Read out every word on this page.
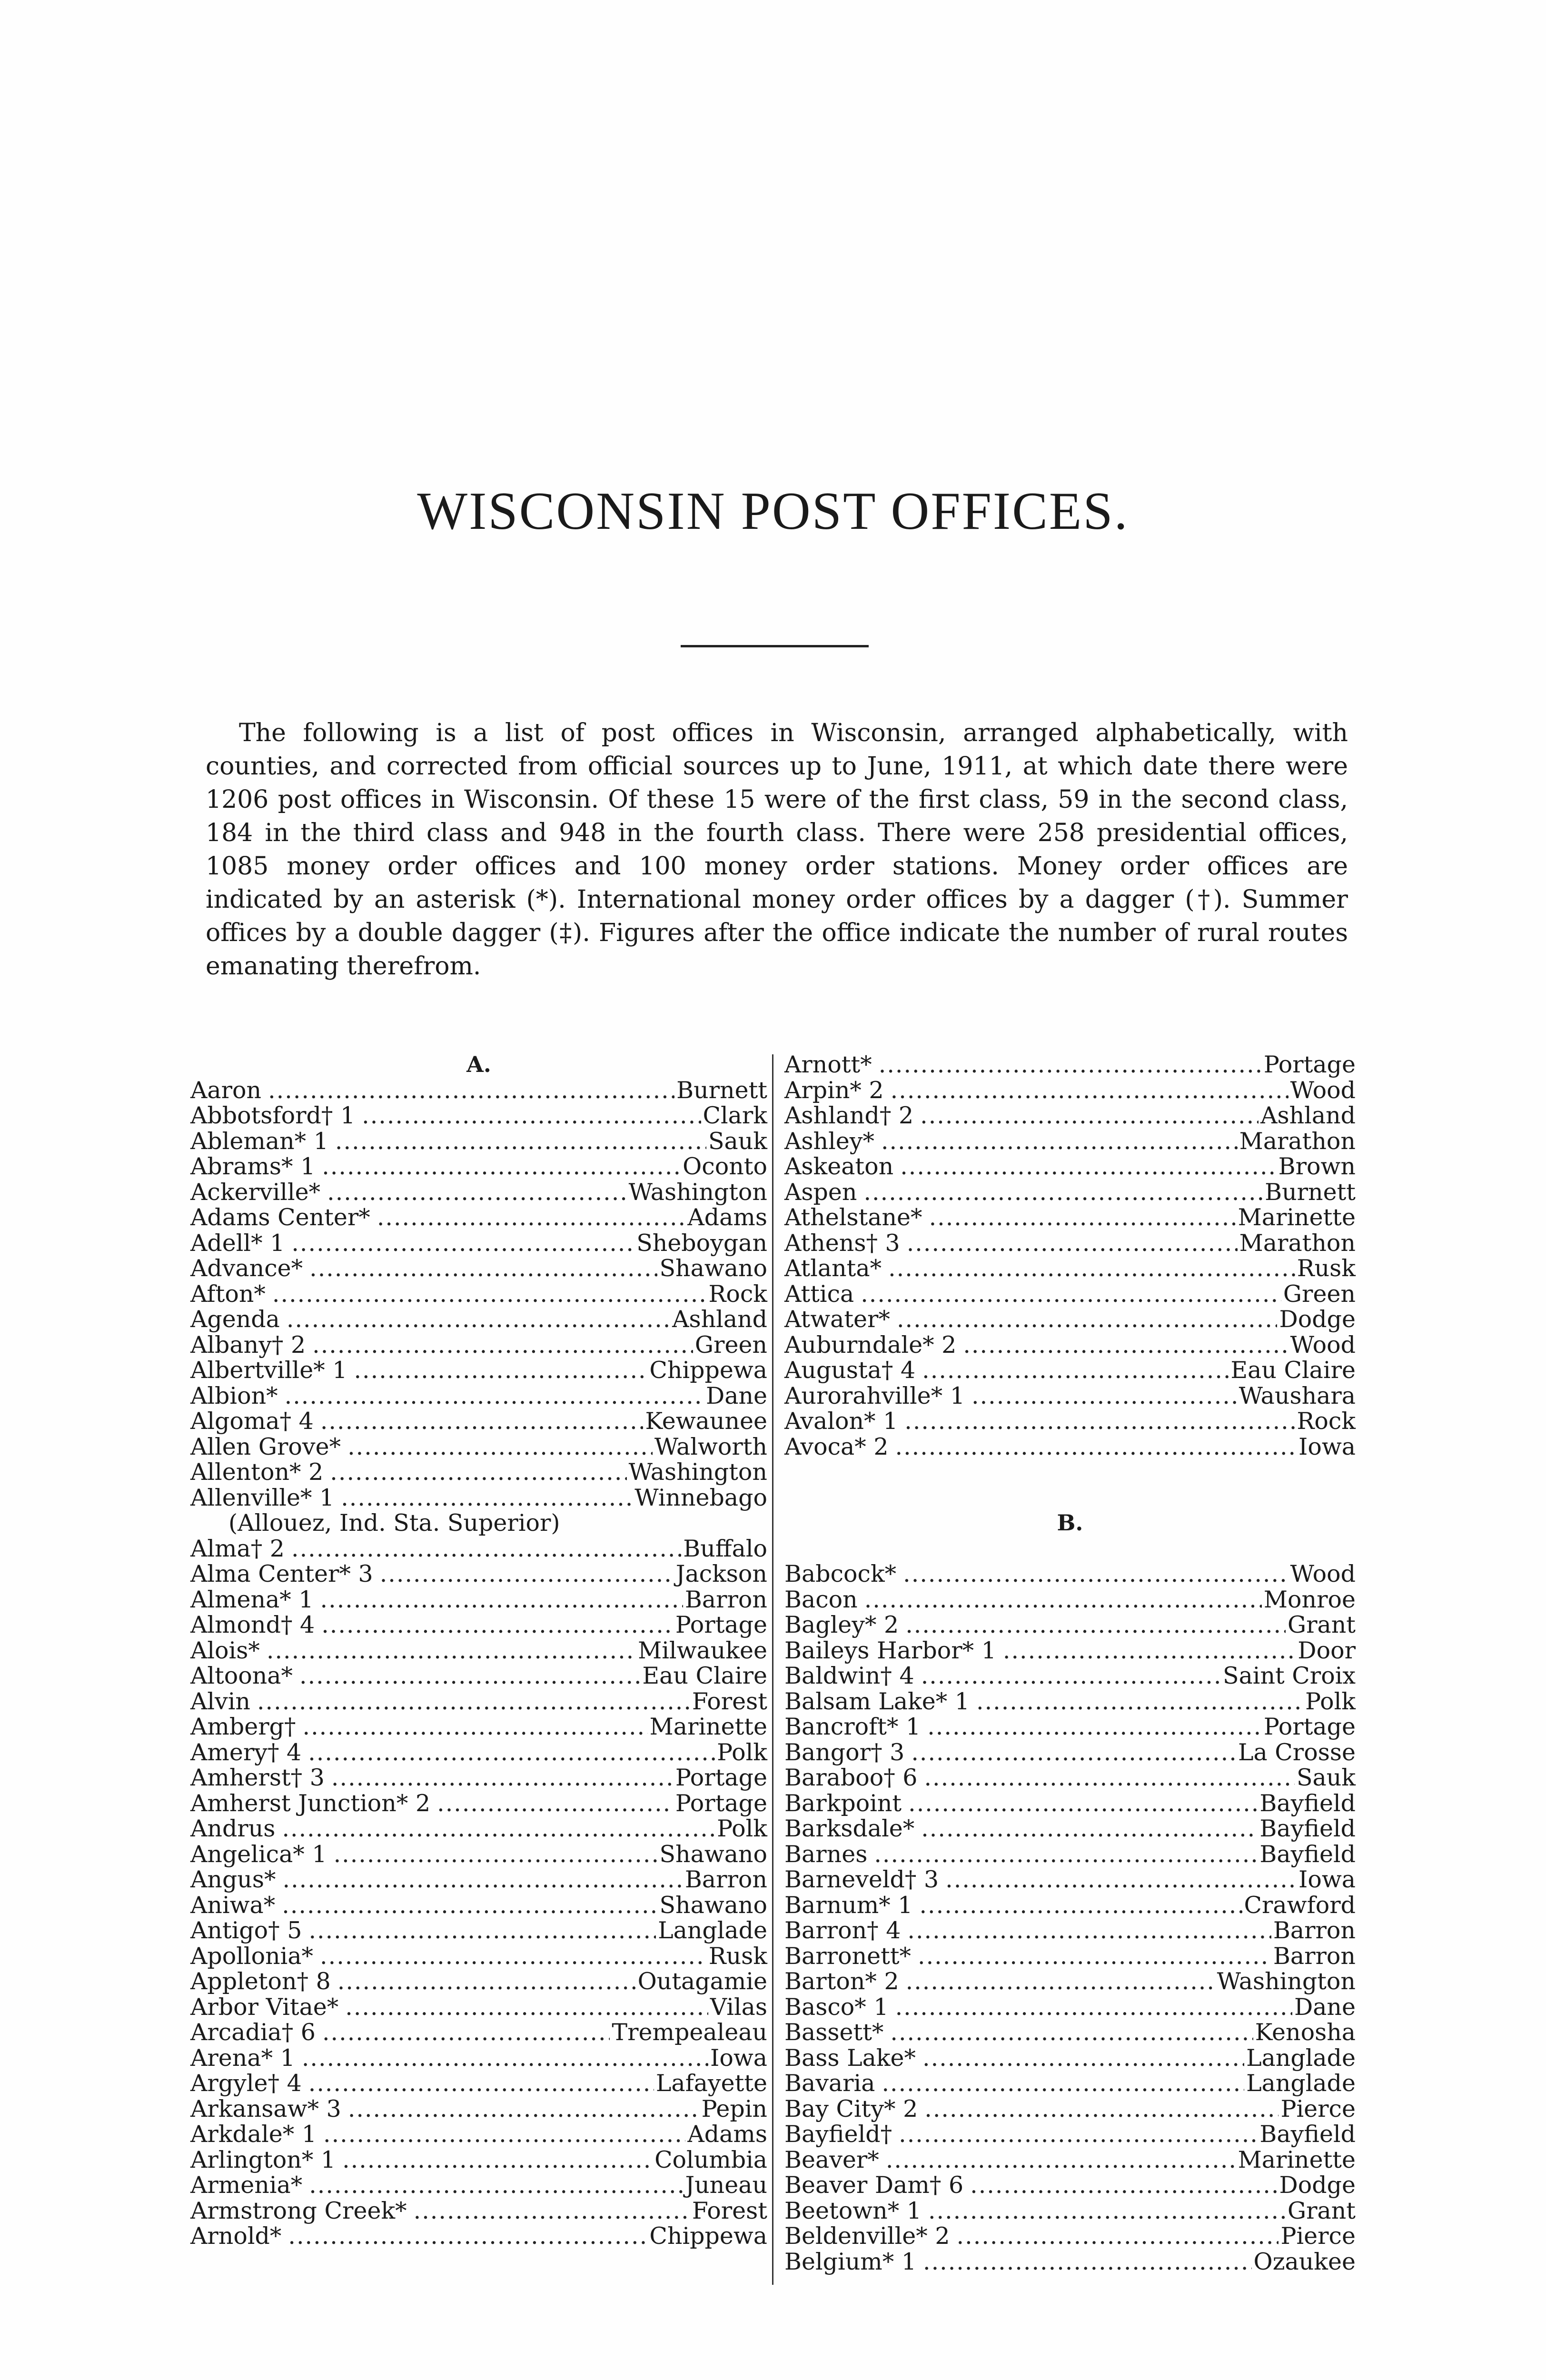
WISCONSIN POST OFFICES.

The following is a list of post offices in Wisconsin, arranged alphabetically, with counties, and corrected from official sources up to June, 1911, at which date there were 1206 post offices in Wisconsin. Of these 15 were of the first class, 59 in the second class, 184 in the third class and 948 in the fourth class. There were 258 presidential offices, 1085 money order offices and 100 money order stations. Money order offices are indicated by an asterisk (*). International money order offices by a dagger (†). Summer offices by a double dagger (‡). Figures after the office indicate the number of rural routes emanating therefrom.

A.
Aaron .....	Burnett
Abbotsford† 1 .....	Clark
Ableman* 1 .....	Sauk
Abrams* 1 .....	Oconto
Ackerville* .....	Washington
Adams Center* .....	Adams
Adell* 1 .....	Sheboygan
Advance* .....	Shawano
Afton* .....	Rock
Agenda .....	Ashland
Albany† 2 .....	Green
Albertville* 1 .....	Chippewa
Albion* .....	Dane
Algoma† 4 .....	Kewaunee
Allen Grove* .....	Walworth
Allenton* 2 .....	Washington
Allenville* 1 .....	Winnebago
(Allouez, Ind. Sta. Superior)
Alma† 2 .....	Buffalo
Alma Center* 3 .....	Jackson
Almena* 1 .....	Barron
Almond† 4 .....	Portage
Alois* .....	Milwaukee
Altoona* .....	Eau Claire
Alvin .....	Forest
Amberg† .....	Marinette
Amery† 4 .....	Polk
Amherst† 3 .....	Portage
Amherst Junction* 2 .....	Portage
Andrus .....	Polk
Angelica* 1 .....	Shawano
Angus* .....	Barron
Aniwa* .....	Shawano
Antigo† 5 .....	Langlade
Apollonia* .....	Rusk
Appleton† 8 .....	Outagamie
Arbor Vitae* .....	Vilas
Arcadia† 6 .....	Trempealeau
Arena* 1 .....	Iowa
Argyle† 4 .....	Lafayette
Arkansaw* 3 .....	Pepin
Arkdale* 1 .....	Adams
Arlington* 1 .....	Columbia
Armenia* .....	Juneau
Armstrong Creek* .....	Forest
Arnold* .....	Chippewa
Arnott* .....	Portage
Arpin* 2 .....	Wood
Ashland† 2 .....	Ashland
Ashley* .....	Marathon
Askeaton .....	Brown
Aspen .....	Burnett
Athelstane* .....	Marinette
Athens† 3 .....	Marathon
Atlanta* .....	Rusk
Attica .....	Green
Atwater* .....	Dodge
Auburndale* 2 .....	Wood
Augusta† 4 .....	Eau Claire
Aurorahville* 1 .....	Waushara
Avalon* 1 .....	Rock
Avoca* 2 .....	Iowa
B.
Babcock* .....	Wood
Bacon .....	Monroe
Bagley* 2 .....	Grant
Baileys Harbor* 1 .....	Door
Baldwin† 4 .....	Saint Croix
Balsam Lake* 1 .....	Polk
Bancroft* 1 .....	Portage
Bangor† 3 .....	La Crosse
Baraboo† 6 .....	Sauk
Barkpoint .....	Bayfield
Barksdale* .....	Bayfield
Barnes .....	Bayfield
Barneveld† 3 .....	Iowa
Barnum* 1 .....	Crawford
Barron† 4 .....	Barron
Barronett* .....	Barron
Barton* 2 .....	Washington
Basco* 1 .....	Dane
Bassett* .....	Kenosha
Bass Lake* .....	Langlade
Bavaria .....	Langlade
Bay City* 2 .....	Pierce
Bayfield† .....	Bayfield
Beaver* .....	Marinette
Beaver Dam† 6 .....	Dodge
Beetown* 1 .....	Grant
Beldenville* 2 .....	Pierce
Belgium* 1 .....	Ozaukee
